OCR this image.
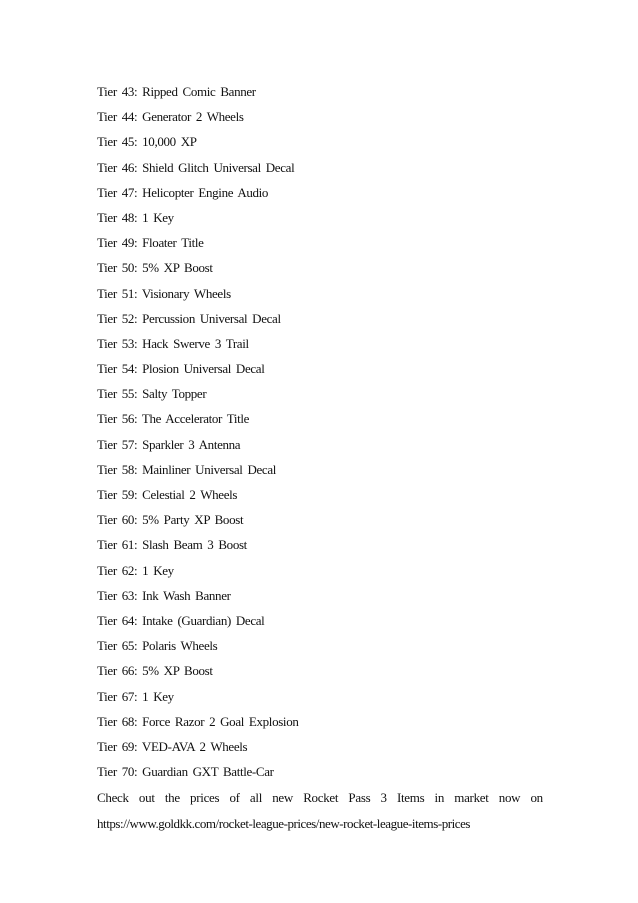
Tier 43: Ripped Comic Banner
Tier 44: Generator 2 Wheels
Tier 45: 10,000 XP
Tier 46: Shield Glitch Universal Decal
Tier 47: Helicopter Engine Audio
Tier 48: 1 Key
Tier 49: Floater Title
Tier 50: 5% XP Boost
Tier 51: Visionary Wheels
Tier 52: Percussion Universal Decal
Tier 53: Hack Swerve 3 Trail
Tier 54: Plosion Universal Decal
Tier 55: Salty Topper
Tier 56: The Accelerator Title
Tier 57: Sparkler 3 Antenna
Tier 58: Mainliner Universal Decal
Tier 59: Celestial 2 Wheels
Tier 60: 5% Party XP Boost
Tier 61: Slash Beam 3 Boost
Tier 62: 1 Key
Tier 63: Ink Wash Banner
Tier 64: Intake (Guardian) Decal
Tier 65: Polaris Wheels
Tier 66: 5% XP Boost
Tier 67: 1 Key
Tier 68: Force Razor 2 Goal Explosion
Tier 69: VED-AVA 2 Wheels
Tier 70: Guardian GXT Battle-Car
Check out the prices of all new Rocket Pass 3 Items in market now on
https://www.goldkk.com/rocket-league-prices/new-rocket-league-items-prices
